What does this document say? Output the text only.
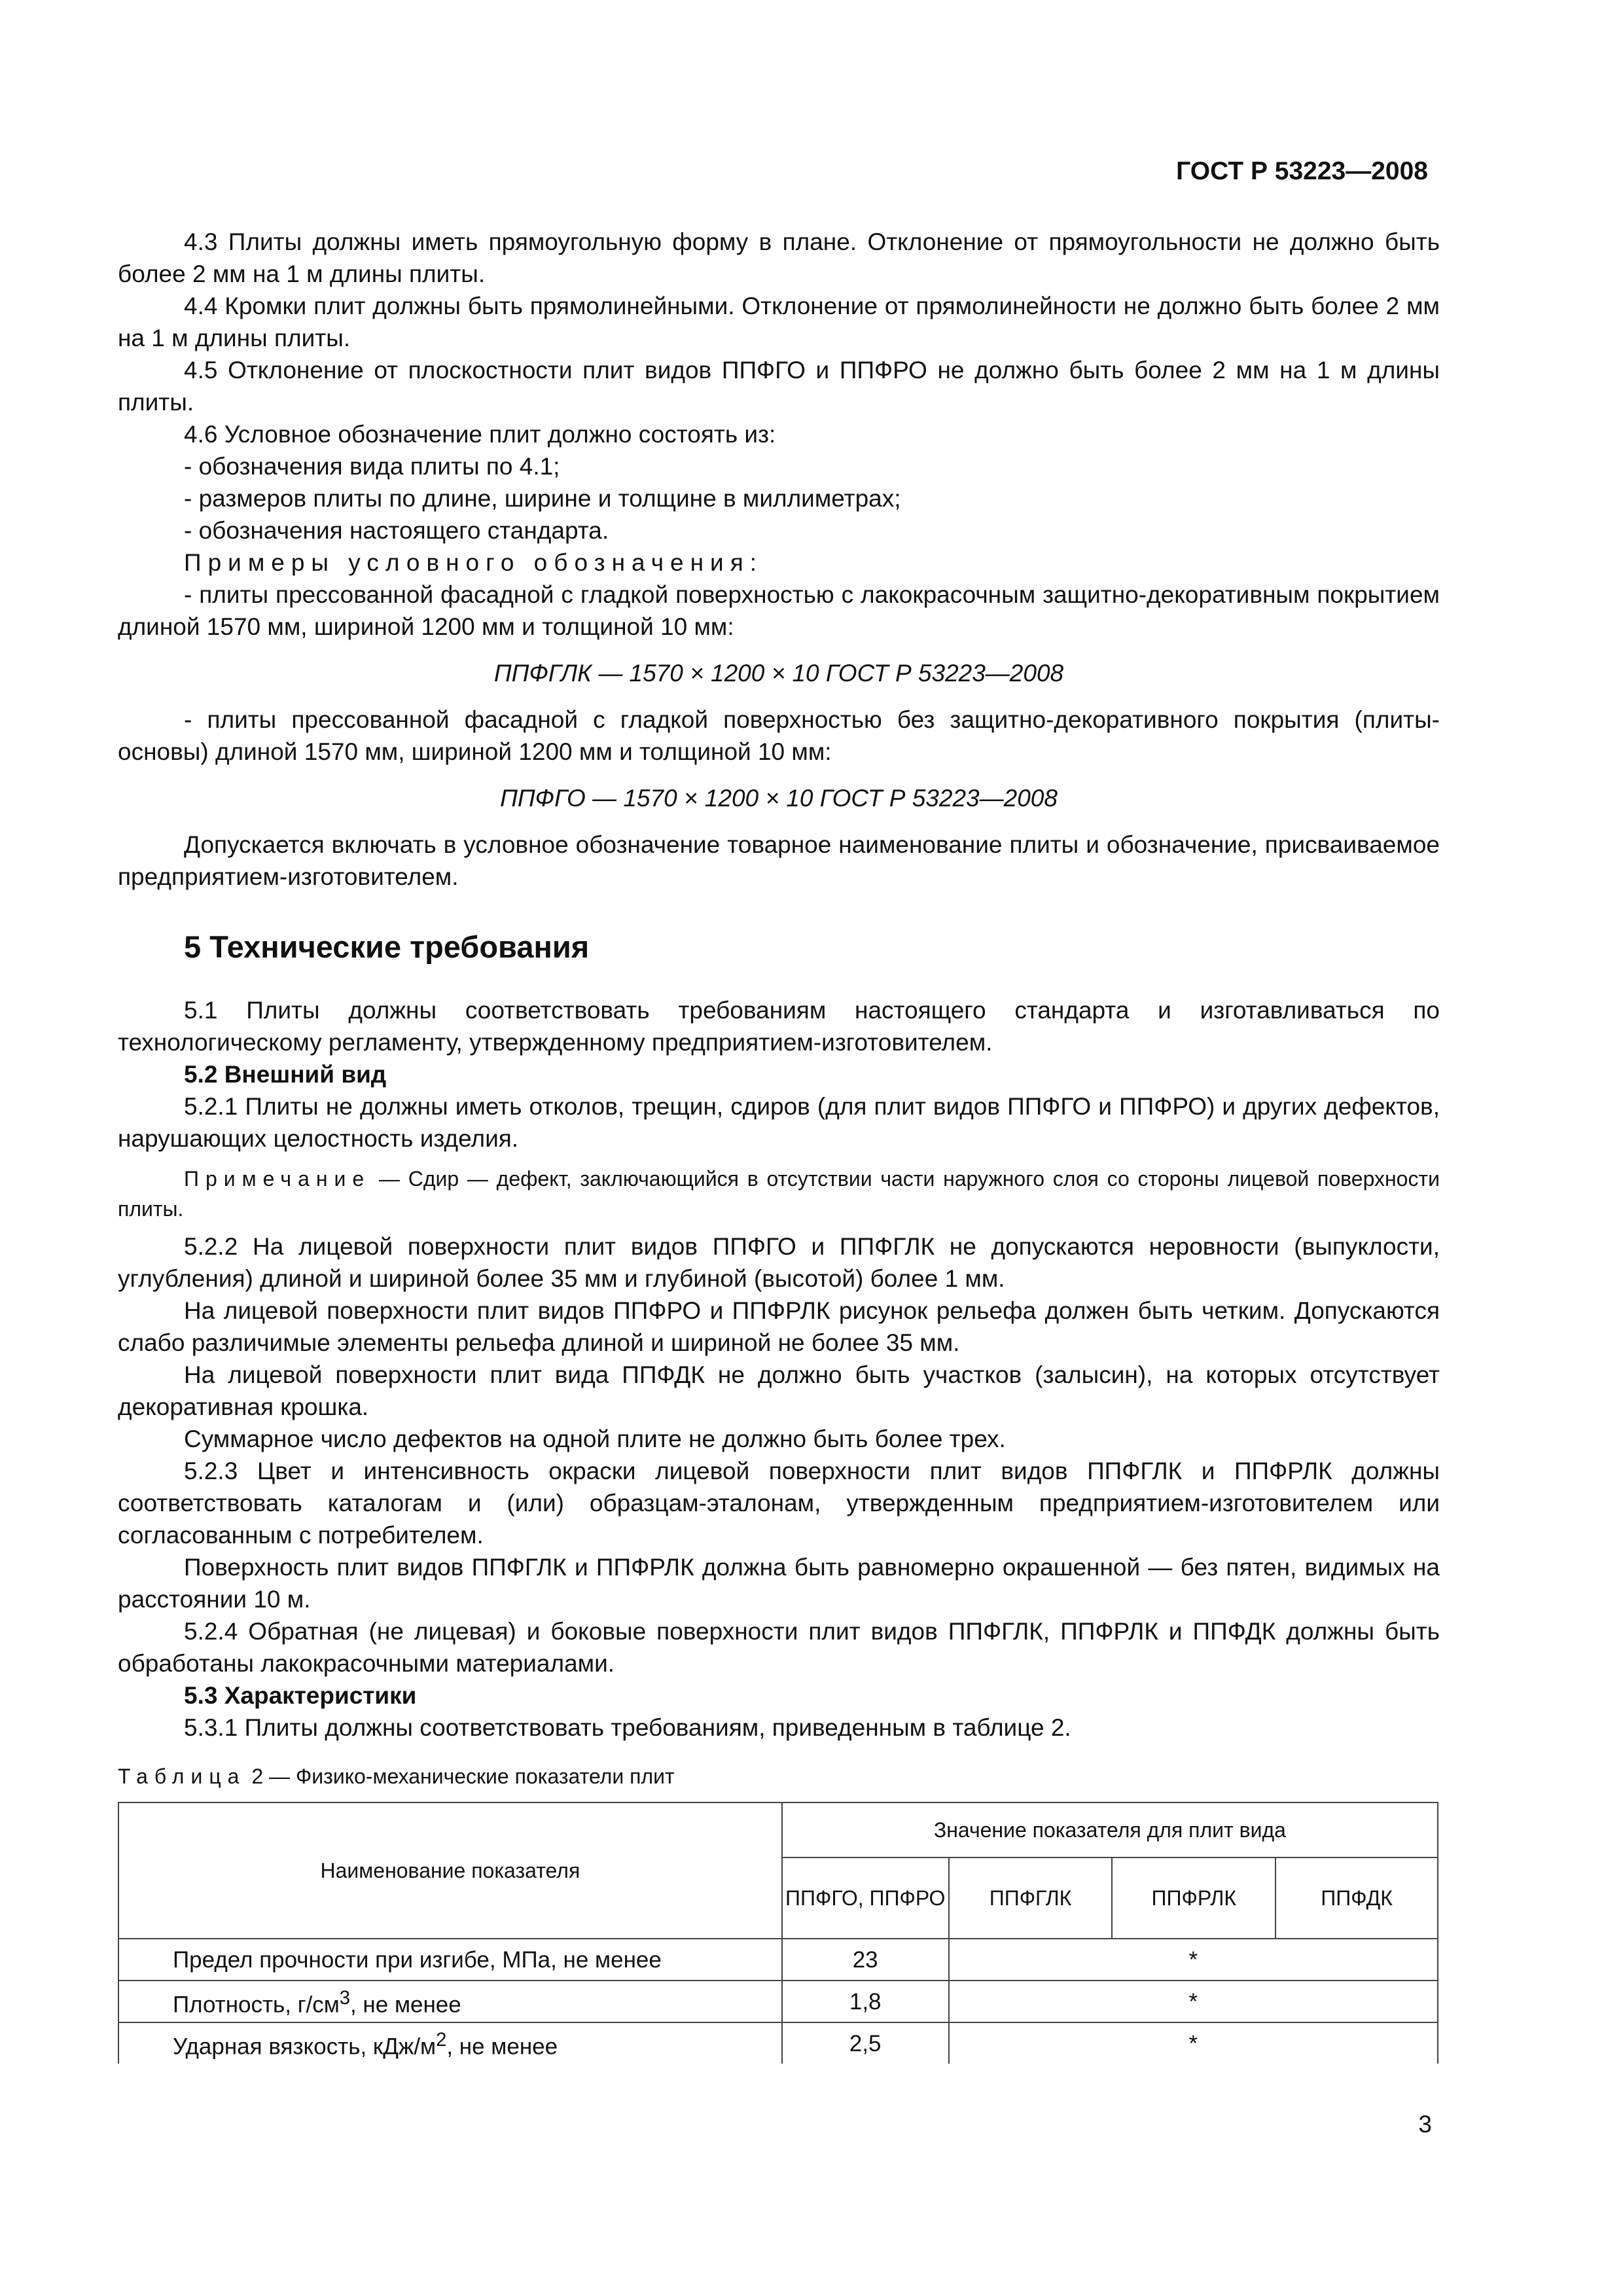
ГОСТ Р 53223—2008

4.3 Плиты должны иметь прямоугольную форму в плане. Отклонение от прямоугольности не должно быть более 2 мм на 1 м длины плиты.

4.4 Кромки плит должны быть прямолинейными. Отклонение от прямолинейности не должно быть более 2 мм на 1 м длины плиты.

4.5 Отклонение от плоскостности плит видов ППФГО и ППФРО не должно быть более 2 мм на 1 м длины плиты.

4.6 Условное обозначение плит должно состоять из:

- обозначения вида плиты по 4.1;

- размеров плиты по длине, ширине и толщине в миллиметрах;

- обозначения настоящего стандарта.

Примеры условного обозначения:

- плиты прессованной фасадной с гладкой поверхностью с лакокрасочным защитно-декоративным покрытием длиной 1570 мм, шириной 1200 мм и толщиной 10 мм:

ППФГЛК — 1570 × 1200 × 10 ГОСТ Р 53223—2008

- плиты прессованной фасадной с гладкой поверхностью без защитно-декоративного покрытия (плиты-основы) длиной 1570 мм, шириной 1200 мм и толщиной 10 мм:

ППФГО — 1570 × 1200 × 10 ГОСТ Р 53223—2008

Допускается включать в условное обозначение товарное наименование плиты и обозначение, присваиваемое предприятием-изготовителем.

5 Технические требования

5.1 Плиты должны соответствовать требованиям настоящего стандарта и изготавливаться по технологическому регламенту, утвержденному предприятием-изготовителем.

5.2 Внешний вид

5.2.1 Плиты не должны иметь отколов, трещин, сдиров (для плит видов ППФГО и ППФРО) и других дефектов, нарушающих целостность изделия.

Примечание — Сдир — дефект, заключающийся в отсутствии части наружного слоя со стороны лицевой поверхности плиты.

5.2.2 На лицевой поверхности плит видов ППФГО и ППФГЛК не допускаются неровности (выпуклости, углубления) длиной и шириной более 35 мм и глубиной (высотой) более 1 мм.

На лицевой поверхности плит видов ППФРО и ППФРЛК рисунок рельефа должен быть четким. Допускаются слабо различимые элементы рельефа длиной и шириной не более 35 мм.

На лицевой поверхности плит вида ППФДК не должно быть участков (залысин), на которых отсутствует декоративная крошка.

Суммарное число дефектов на одной плите не должно быть более трех.

5.2.3 Цвет и интенсивность окраски лицевой поверхности плит видов ППФГЛК и ППФРЛК должны соответствовать каталогам и (или) образцам-эталонам, утвержденным предприятием-изготовителем или согласованным с потребителем.

Поверхность плит видов ППФГЛК и ППФРЛК должна быть равномерно окрашенной — без пятен, видимых на расстоянии 10 м.

5.2.4 Обратная (не лицевая) и боковые поверхности плит видов ППФГЛК, ППФРЛК и ППФДК должны быть обработаны лакокрасочными материалами.

5.3 Характеристики

5.3.1 Плиты должны соответствовать требованиям, приведенным в таблице 2.

Таблица 2 — Физико-механические показатели плит
Наименование показателя	Значение показателя для плит вида			
	ППФГО, ППФРО	ППФГЛК	ППФРЛК	ППФДК
Предел прочности при изгибе, МПа, не менее	23	*		
Плотность, $г/см^3$, не менее	1,8	*		
Ударная вязкость, кДж/$м^2$, не менее	2,5	*		
3
